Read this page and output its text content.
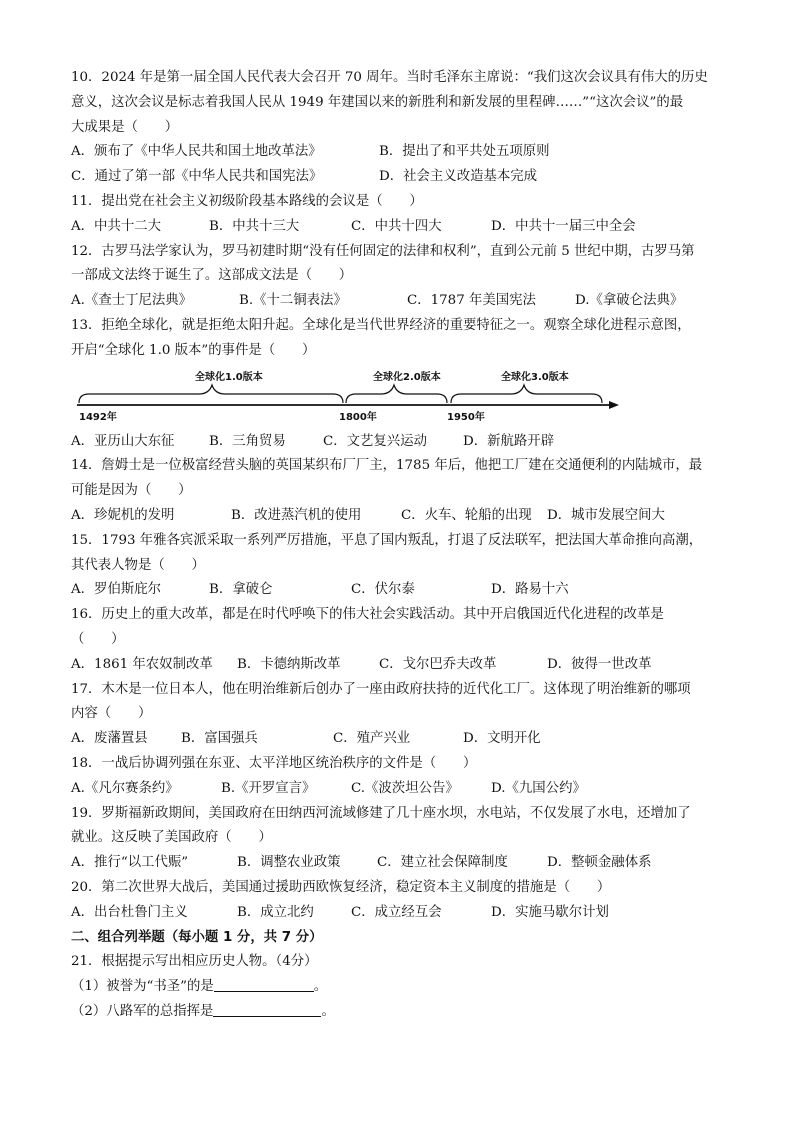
10．2024 年是第一届全国人民代表大会召开 70 周年。当时毛泽东主席说：“我们这次会议具有伟大的历史
意义，这次会议是标志着我国人民从 1949 年建国以来的新胜利和新发展的里程碑……”“这次会议”的最
大成果是（　　）
A．颁布了《中华人民共和国土地改革法》	B．提出了和平共处五项原则
C．通过了第一部《中华人民共和国宪法》	D．社会主义改造基本完成
11．提出党在社会主义初级阶段基本路线的会议是（　　）
A．中共十二大	B．中共十三大	C．中共十四大	D．中共十一届三中全会
12．古罗马法学家认为，罗马初建时期“没有任何固定的法律和权利”，直到公元前 5 世纪中期，古罗马第
一部成文法终于诞生了。这部成文法是（　　）
A.《查士丁尼法典》	B.《十二铜表法》	C．1787 年美国宪法	D.《拿破仑法典》
13．拒绝全球化，就是拒绝太阳升起。全球化是当代世界经济的重要特征之一。观察全球化进程示意图，
开启“全球化 1.0 版本”的事件是（　　）
全球化1.0版本	全球化2.0版本	全球化3.0版本
1492年	1800年	1950年
A．亚历山大东征	B．三角贸易	C．文艺复兴运动	D．新航路开辟
14．詹姆士是一位极富经营头脑的英国某织布厂厂主，1785 年后，他把工厂建在交通便利的内陆城市，最
可能是因为（　　）
A．珍妮机的发明	B．改进蒸汽机的使用	C．火车、轮船的出现	D．城市发展空间大
15．1793 年雅各宾派采取一系列严厉措施，平息了国内叛乱，打退了反法联军，把法国大革命推向高潮，
其代表人物是（　　）
A．罗伯斯庇尔	B．拿破仑	C．伏尔泰	D．路易十六
16．历史上的重大改革，都是在时代呼唤下的伟大社会实践活动。其中开启俄国近代化进程的改革是
（　　）
A．1861 年农奴制改革	B．卡德纳斯改革	C．戈尔巴乔夫改革	D．彼得一世改革
17．木木是一位日本人，他在明治维新后创办了一座由政府扶持的近代化工厂。这体现了明治维新的哪项
内容（　　）
A．废藩置县	B．富国强兵	C．殖产兴业	D．文明开化
18．一战后协调列强在东亚、太平洋地区统治秩序的文件是（　　）
A.《凡尔赛条约》	B.《开罗宣言》	C.《波茨坦公告》	D.《九国公约》
19．罗斯福新政期间，美国政府在田纳西河流域修建了几十座水坝，水电站，不仅发展了水电，还增加了
就业。这反映了美国政府（　　）
A．推行“以工代赈”	B．调整农业政策	C．建立社会保障制度	D．整顿金融体系
20．第二次世界大战后，美国通过援助西欧恢复经济，稳定资本主义制度的措施是（　　）
A．出台杜鲁门主义	B．成立北约	C．成立经互会	D．实施马歇尔计划
二、组合列举题（每小题 1 分，共 7 分）
21．根据提示写出相应历史人物。（4分）
（1）被誉为“书圣”的是	。
（2）八路军的总指挥是	。
